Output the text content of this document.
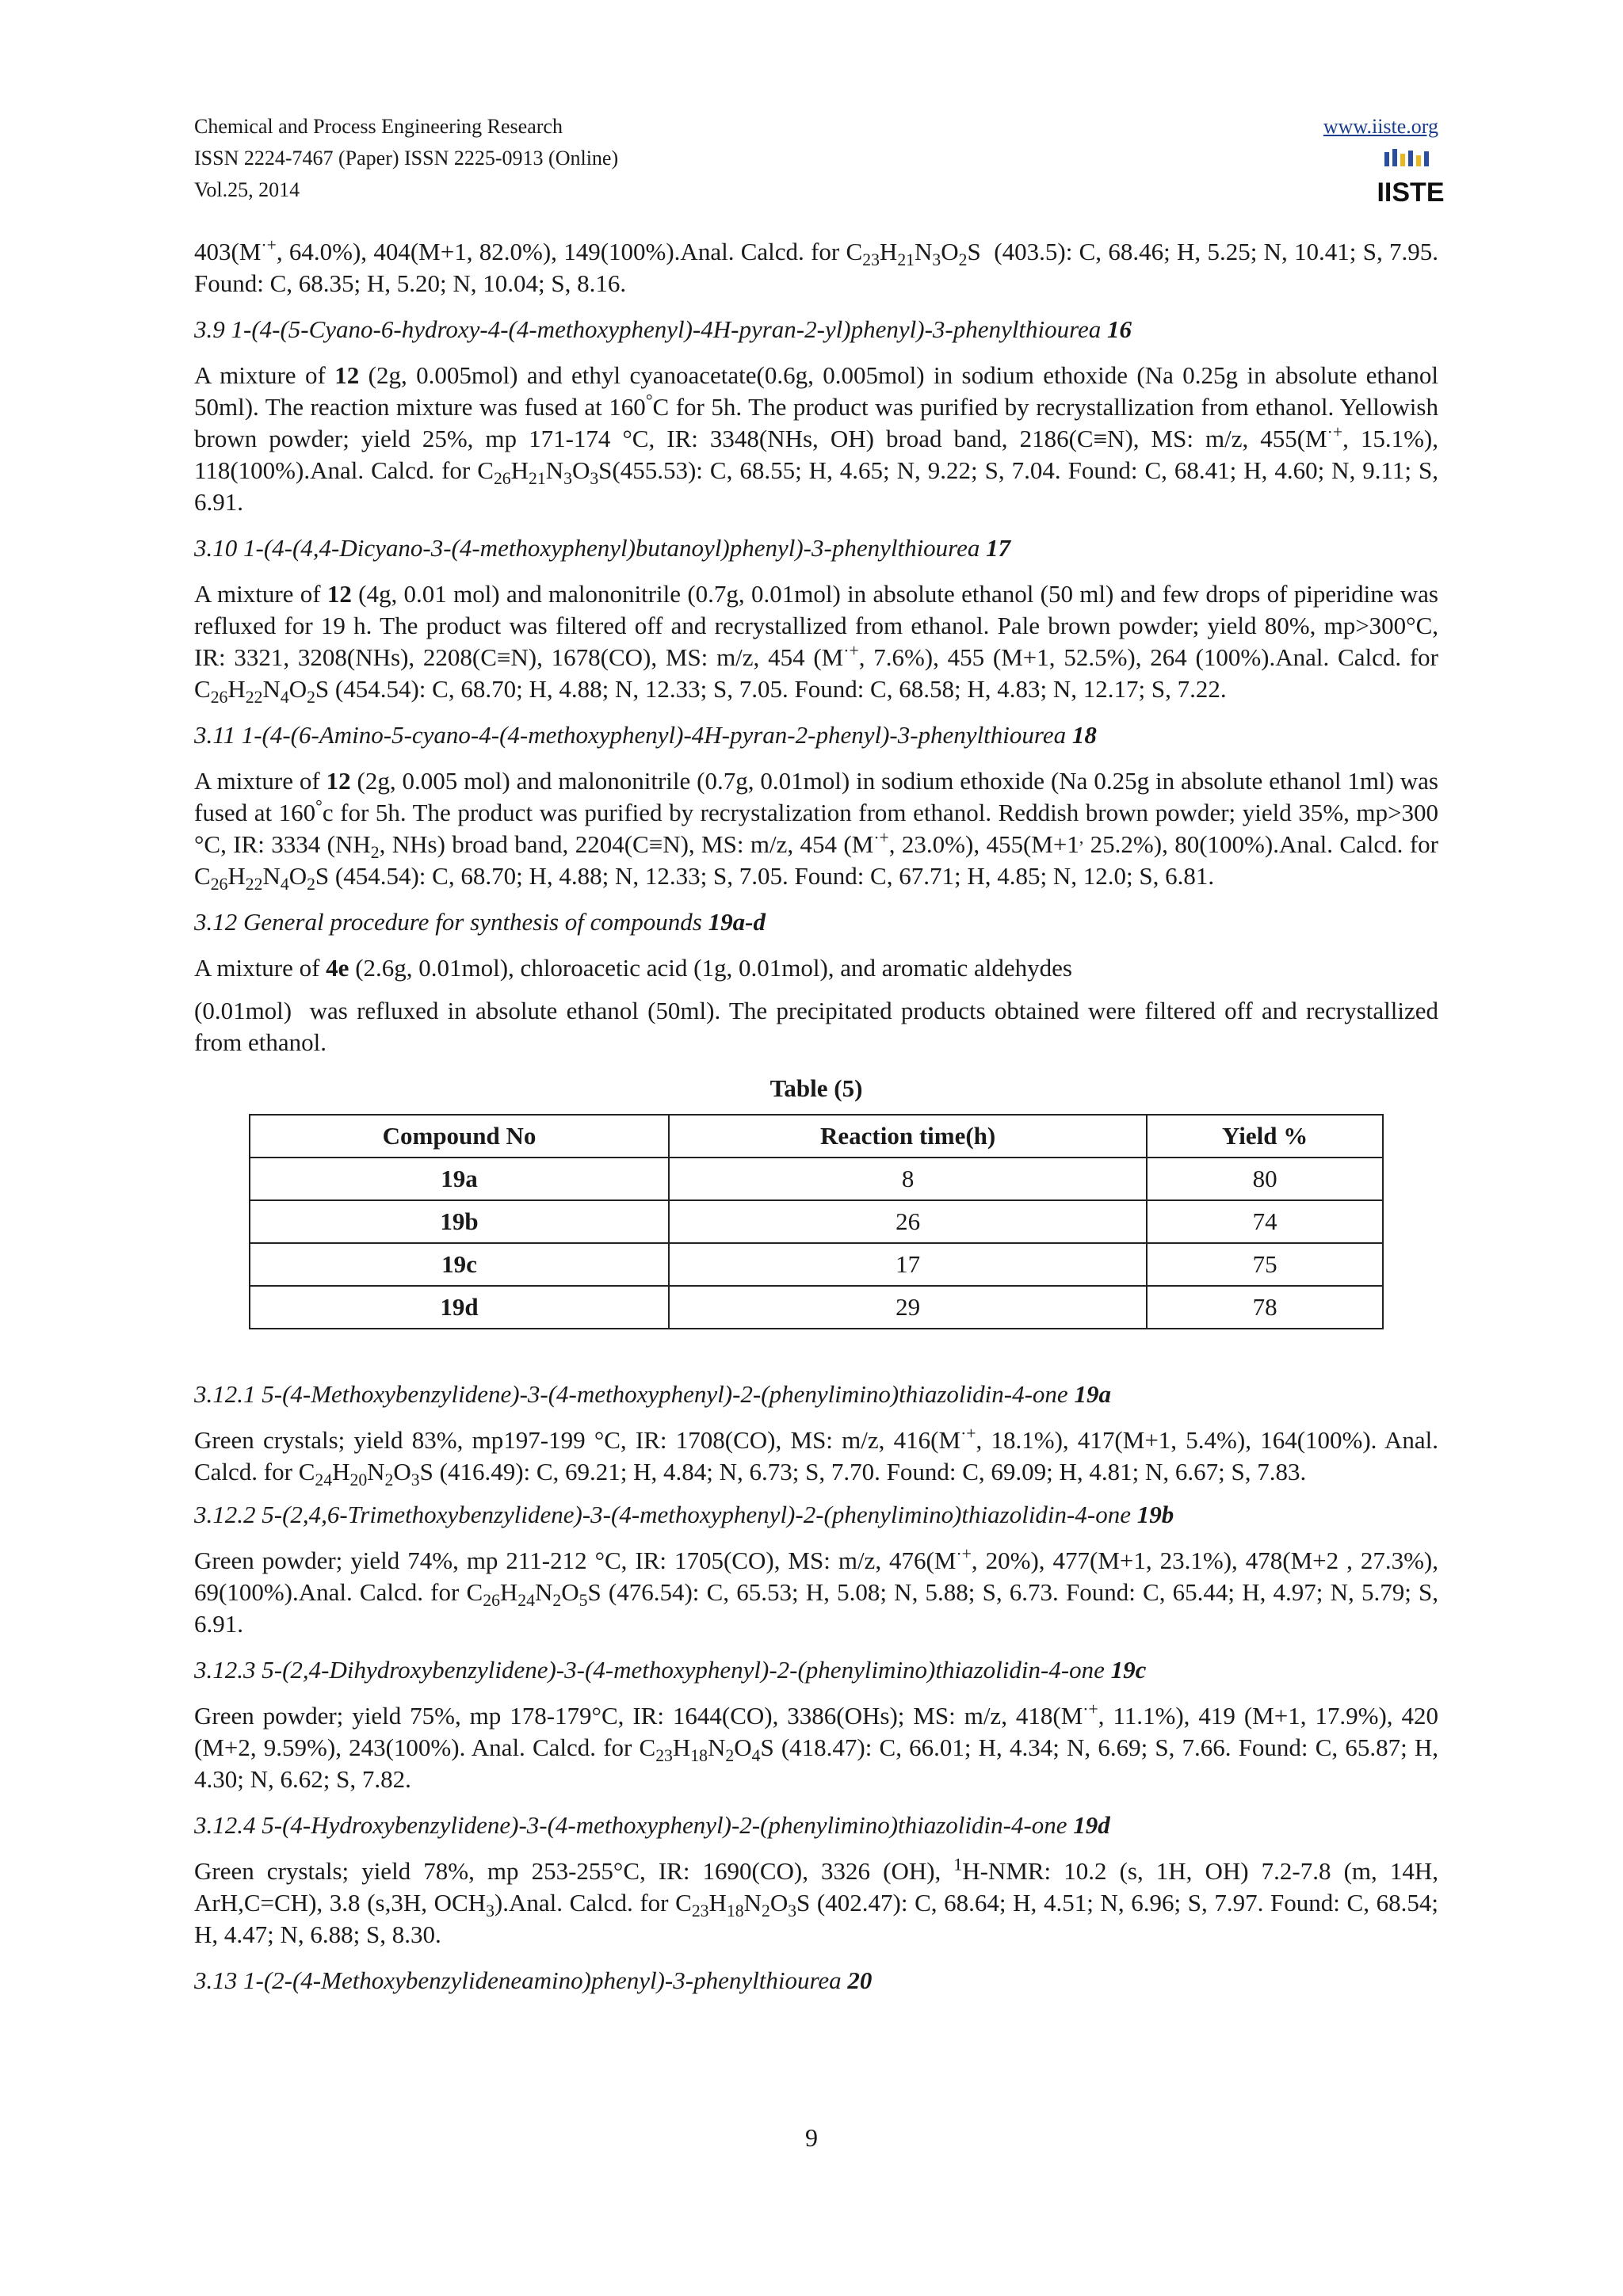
Chemical and Process Engineering Research
ISSN 2224-7467 (Paper) ISSN 2225-0913 (Online)
Vol.25, 2014
www.iiste.org
IISTE

403(M·+, 64.0%), 404(M+1, 82.0%), 149(100%).Anal. Calcd. for $C_{23}H_{21}N_3O_2S$  (403.5): C, 68.46; H, 5.25; N, 10.41; S, 7.95. Found: C, 68.35; H, 5.20; N, 10.04; S, 8.16.

3.9 1-(4-(5-Cyano-6-hydroxy-4-(4-methoxyphenyl)-4H-pyran-2-yl)phenyl)-3-phenylthiourea 16

A mixture of 12 (2g, 0.005mol) and ethyl cyanoacetate(0.6g, 0.005mol) in sodium ethoxide (Na 0.25g in absolute ethanol 50ml). The reaction mixture was fused at 160°C for 5h. The product was purified by recrystallization from ethanol. Yellowish brown powder; yield 25%, mp 171-174 °C, IR: 3348(NHs, OH) broad band, 2186(C≡N), MS: m/z, 455(M·+, 15.1%), 118(100%).Anal. Calcd. for $C_{26}H_{21}N_3O_3S(455.53)$: C, 68.55; H, 4.65; N, 9.22; S, 7.04. Found: C, 68.41; H, 4.60; N, 9.11; S, 6.91.

3.10 1-(4-(4,4-Dicyano-3-(4-methoxyphenyl)butanoyl)phenyl)-3-phenylthiourea 17

A mixture of 12 (4g, 0.01 mol) and malononitrile (0.7g, 0.01mol) in absolute ethanol (50 ml) and few drops of piperidine was refluxed for 19 h. The product was filtered off and recrystallized from ethanol. Pale brown powder; yield 80%, mp>300°C, IR: 3321, 3208(NHs), 2208(C≡N), 1678(CO), MS: m/z, 454 (M·+, 7.6%), 455 (M+1, 52.5%), 264 (100%).Anal. Calcd. for $C_{26}H_{22}N_4O_2S$ (454.54): C, 68.70; H, 4.88; N, 12.33; S, 7.05. Found: C, 68.58; H, 4.83; N, 12.17; S, 7.22.

3.11 1-(4-(6-Amino-5-cyano-4-(4-methoxyphenyl)-4H-pyran-2-phenyl)-3-phenylthiourea 18

A mixture of 12 (2g, 0.005 mol) and malononitrile (0.7g, 0.01mol) in sodium ethoxide (Na 0.25g in absolute ethanol 1ml) was fused at 160°c for 5h. The product was purified by recrystalization from ethanol. Reddish brown powder; yield 35%, mp>300 °C, IR: 3334 ($NH_2$, NHs) broad band, 2204(C≡N), MS: m/z, 454 (M·+, 23.0%), 455(M+1, 25.2%), 80(100%).Anal. Calcd. for $C_{26}H_{22}N_4O_2S$ (454.54): C, 68.70; H, 4.88; N, 12.33; S, 7.05. Found: C, 67.71; H, 4.85; N, 12.0; S, 6.81.

3.12 General procedure for synthesis of compounds 19a-d

A mixture of 4e (2.6g, 0.01mol), chloroacetic acid (1g, 0.01mol), and aromatic aldehydes

(0.01mol)  was refluxed in absolute ethanol (50ml). The precipitated products obtained were filtered off and recrystallized from ethanol.

Table (5)
Compound No	Reaction time(h)	Yield %
19a	8	80
19b	26	74
19c	17	75
19d	29	78

3.12.1 5-(4-Methoxybenzylidene)-3-(4-methoxyphenyl)-2-(phenylimino)thiazolidin-4-one 19a

Green crystals; yield 83%, mp197-199 °C, IR: 1708(CO), MS: m/z, 416(M·+, 18.1%), 417(M+1, 5.4%), 164(100%). Anal. Calcd. for $C_{24}H_{20}N_2O_3S$ (416.49): C, 69.21; H, 4.84; N, 6.73; S, 7.70. Found: C, 69.09; H, 4.81; N, 6.67; S, 7.83.

3.12.2 5-(2,4,6-Trimethoxybenzylidene)-3-(4-methoxyphenyl)-2-(phenylimino)thiazolidin-4-one 19b

Green powder; yield 74%, mp 211-212 °C, IR: 1705(CO), MS: m/z, 476(M·+, 20%), 477(M+1, 23.1%), 478(M+2 , 27.3%), 69(100%).Anal. Calcd. for $C_{26}H_{24}N_2O_5S$ (476.54): C, 65.53; H, 5.08; N, 5.88; S, 6.73. Found: C, 65.44; H, 4.97; N, 5.79; S, 6.91.

3.12.3 5-(2,4-Dihydroxybenzylidene)-3-(4-methoxyphenyl)-2-(phenylimino)thiazolidin-4-one 19c

Green powder; yield 75%, mp 178-179°C, IR: 1644(CO), 3386(OHs); MS: m/z, 418(M·+, 11.1%), 419 (M+1, 17.9%), 420 (M+2, 9.59%), 243(100%). Anal. Calcd. for $C_{23}H_{18}N_2O_4S$ (418.47): C, 66.01; H, 4.34; N, 6.69; S, 7.66. Found: C, 65.87; H, 4.30; N, 6.62; S, 7.82.

3.12.4 5-(4-Hydroxybenzylidene)-3-(4-methoxyphenyl)-2-(phenylimino)thiazolidin-4-one 19d

Green crystals; yield 78%, mp 253-255°C, IR: 1690(CO), 3326 (OH), $^1$H-NMR: 10.2 (s, 1H, OH) 7.2-7.8 (m, 14H, ArH,C=CH), 3.8 (s,3H, $OCH_3).Anal$. Calcd. for $C_{23}H_{18}N_2O_3S$ (402.47): C, 68.64; H, 4.51; N, 6.96; S, 7.97. Found: C, 68.54; H, 4.47; N, 6.88; S, 8.30.

3.13 1-(2-(4-Methoxybenzylideneamino)phenyl)-3-phenylthiourea 20

9
